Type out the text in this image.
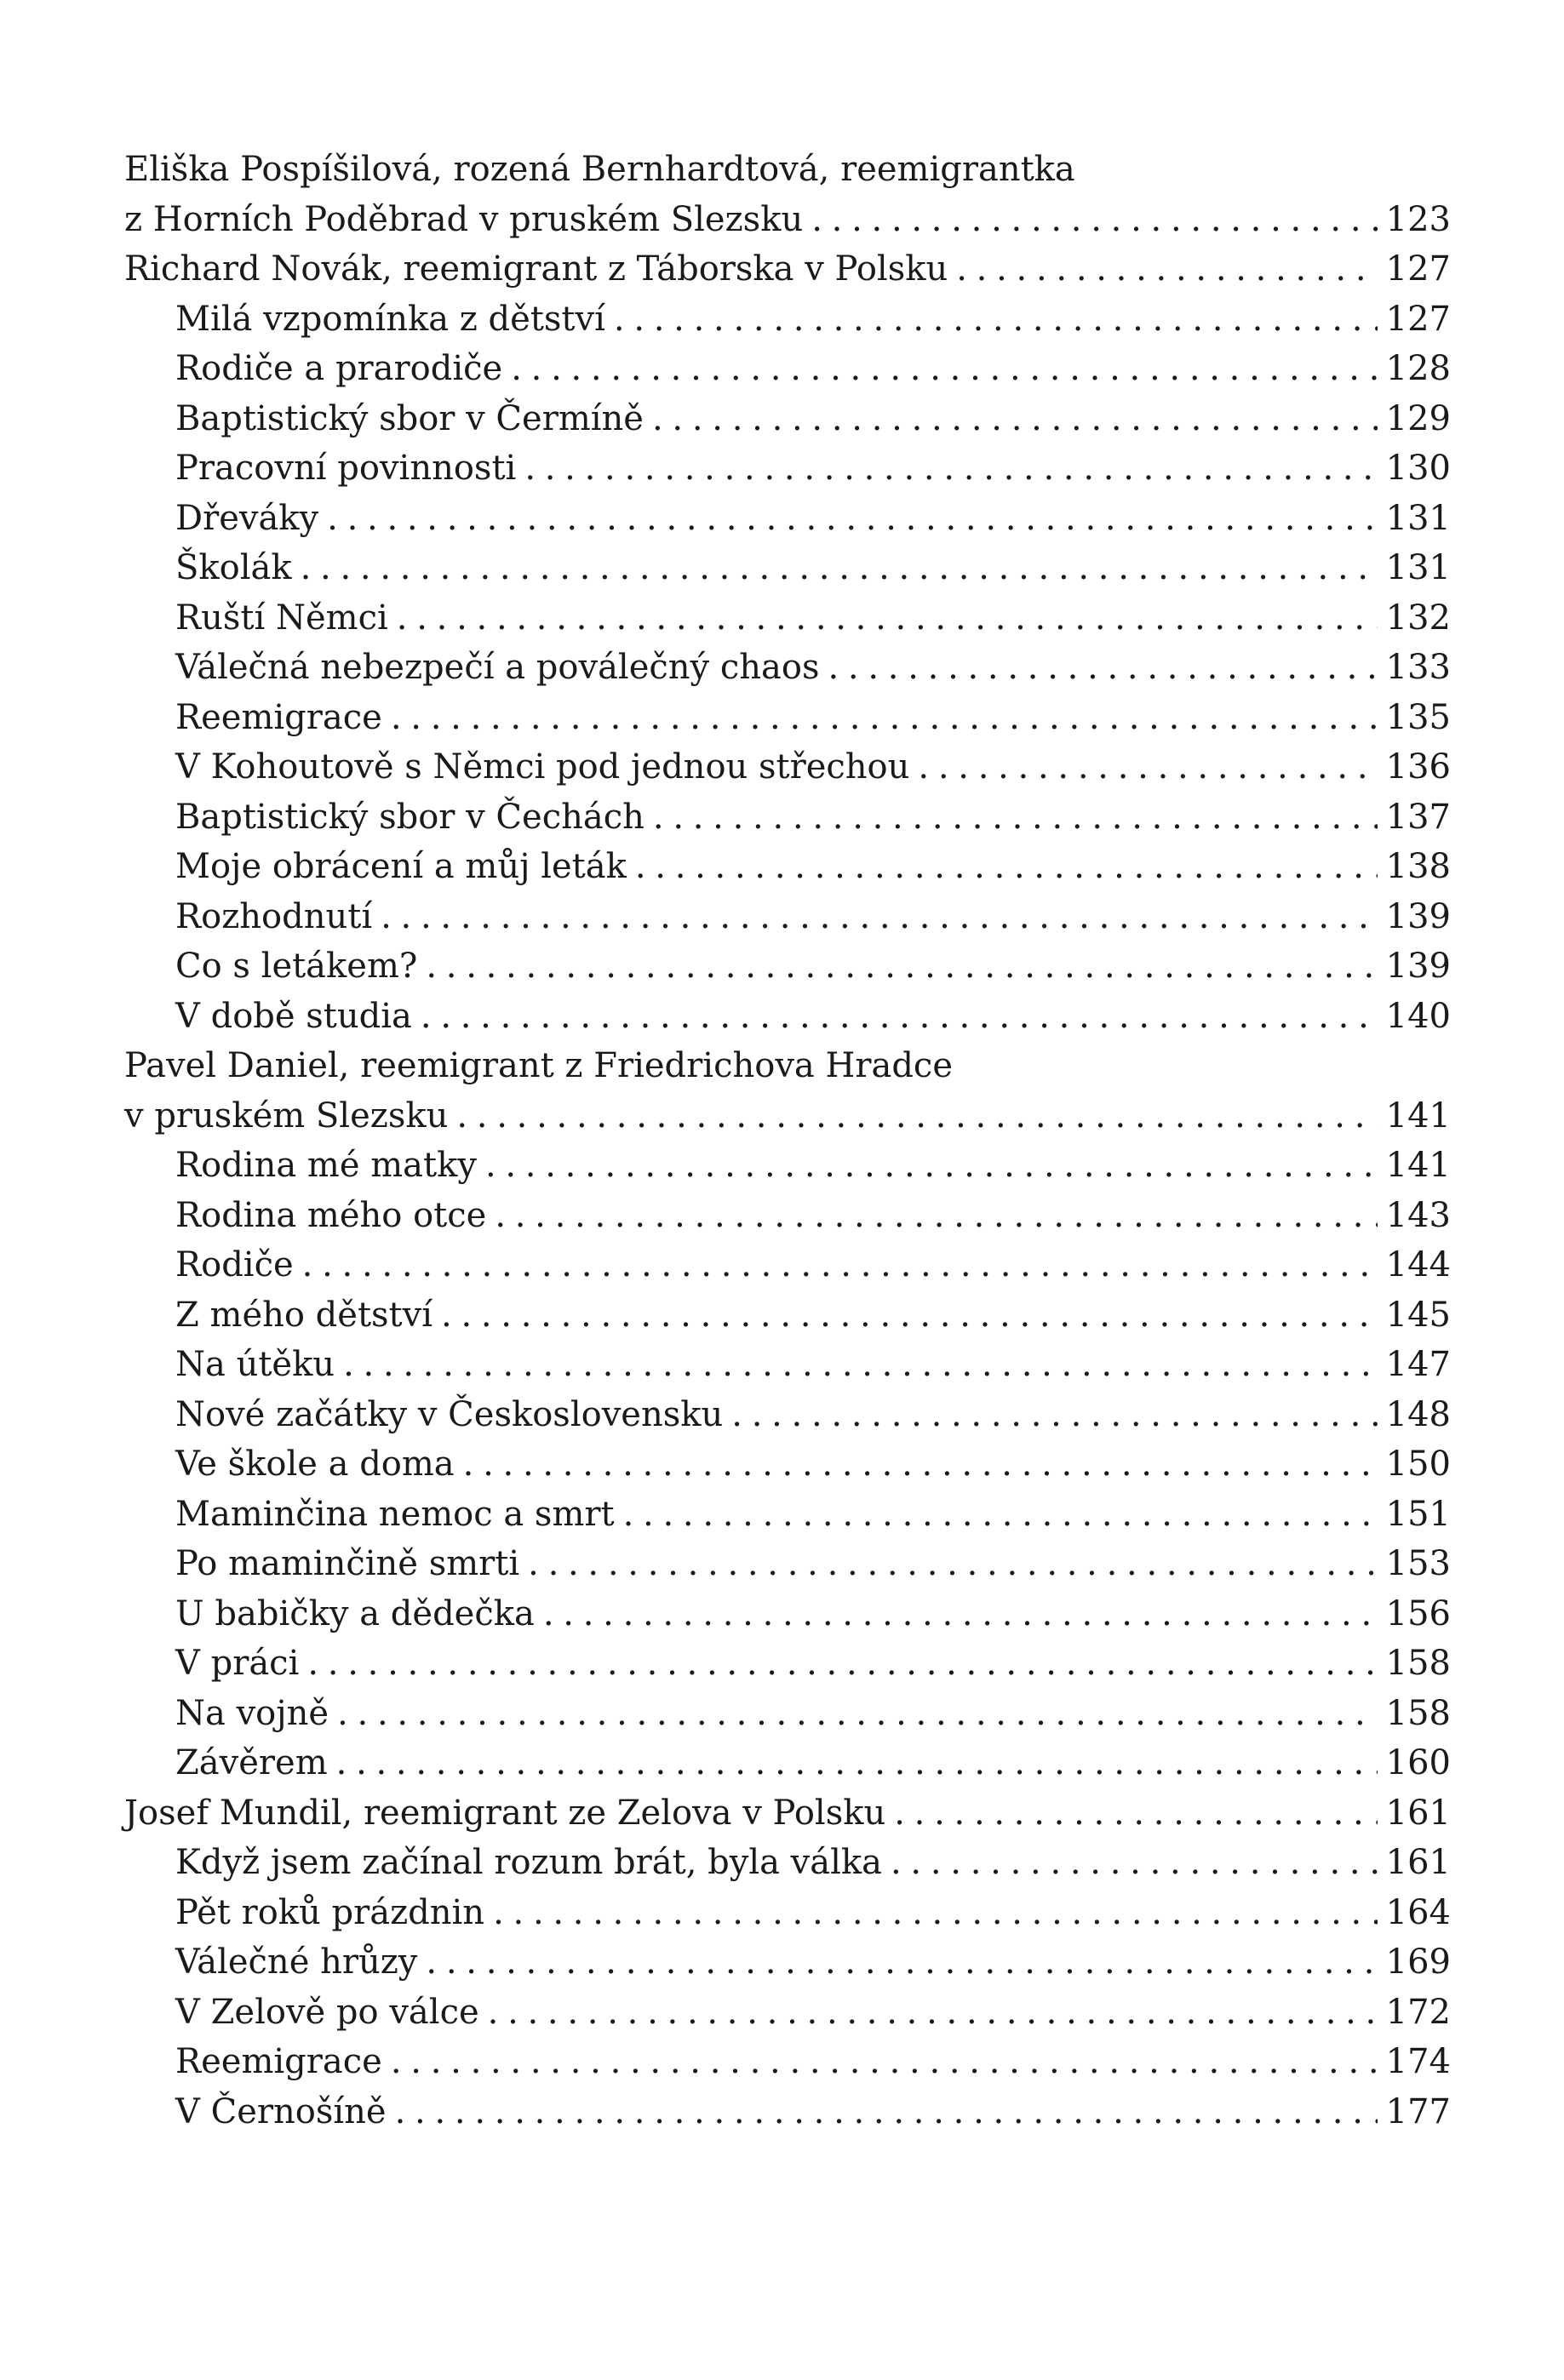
Eliška Pospíšilová, rozená Bernhardtová, reemigrantka
z Horních Poděbrad v pruském Slezsku . . .	123
Richard Novák, reemigrant z Táborska v Polsku . . .	127
Milá vzpomínka z dětství . . .	127
Rodiče a prarodiče . . .	128
Baptistický sbor v Čermíně . . .	129
Pracovní povinnosti . . .	130
Dřeváky . . .	131
Školák . . .	131
Ruští Němci . . .	132
Válečná nebezpečí a poválečný chaos . . .	133
Reemigrace . . .	135
V Kohoutově s Němci pod jednou střechou . . .	136
Baptistický sbor v Čechách . . .	137
Moje obrácení a můj leták . . .	138
Rozhodnutí . . .	139
Co s letákem? . . .	139
V době studia . . .	140
Pavel Daniel, reemigrant z Friedrichova Hradce
v pruském Slezsku . . .	141
Rodina mé matky . . .	141
Rodina mého otce . . .	143
Rodiče . . .	144
Z mého dětství . . .	145
Na útěku . . .	147
Nové začátky v Československu . . .	148
Ve škole a doma . . .	150
Maminčina nemoc a smrt . . .	151
Po maminčině smrti . . .	153
U babičky a dědečka . . .	156
V práci . . .	158
Na vojně . . .	158
Závěrem . . .	160
Josef Mundil, reemigrant ze Zelova v Polsku . . .	161
Když jsem začínal rozum brát, byla válka . . .	161
Pět roků prázdnin . . .	164
Válečné hrůzy . . .	169
V Zelově po válce . . .	172
Reemigrace . . .	174
V Černošíně . . .	177
